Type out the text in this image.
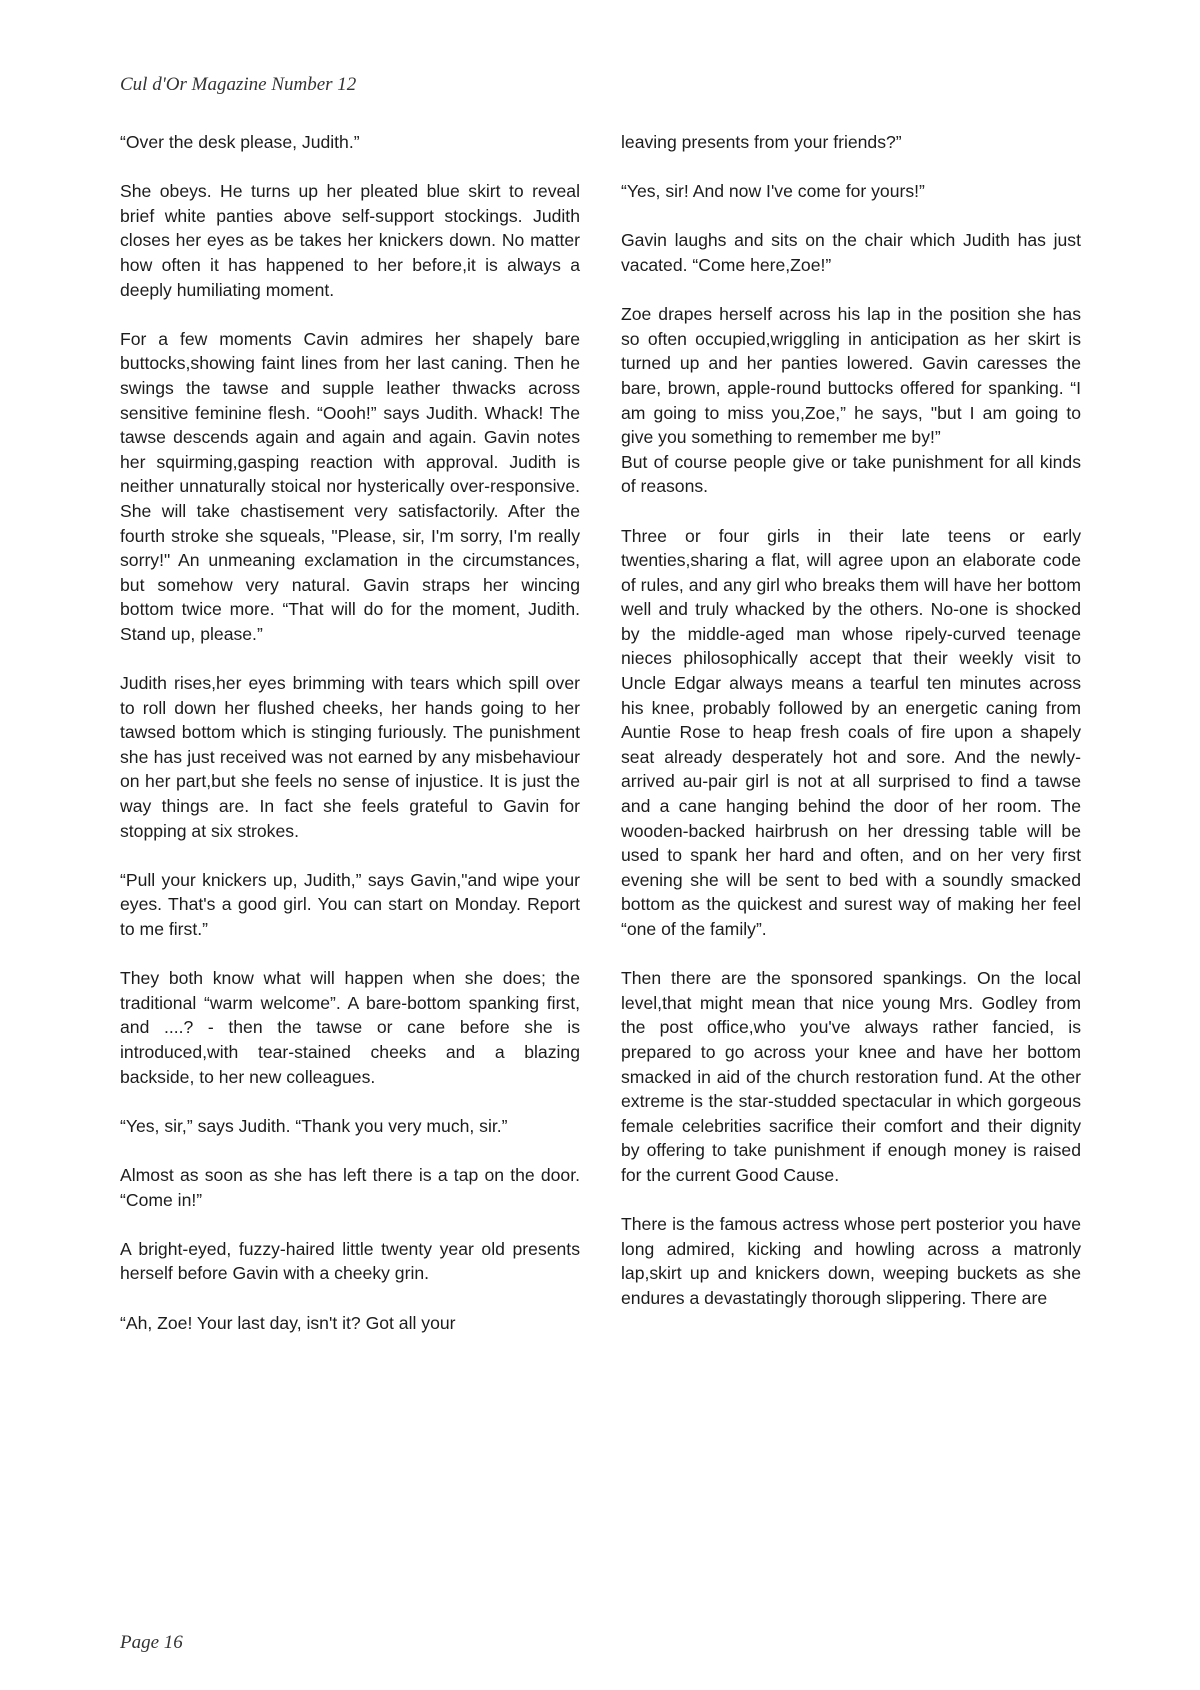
Cul d'Or Magazine Number 12

“Over the desk please, Judith.”

She obeys. He turns up her pleated blue skirt to reveal brief white panties above self-support stockings. Judith closes her eyes as be takes her knickers down. No matter how often it has happened to her before,it is always a deeply humiliating moment.

For a few moments Cavin admires her shapely bare buttocks,showing faint lines from her last caning. Then he swings the tawse and supple leather thwacks across sensitive feminine flesh. “Oooh!” says Judith. Whack! The tawse descends again and again and again. Gavin notes her squirming,gasping reaction with approval. Judith is neither unnaturally stoical nor hysterically over-responsive. She will take chastisement very satisfactorily. After the fourth stroke she squeals, "Please, sir, I'm sorry, I'm really sorry!" An unmeaning exclamation in the circumstances, but somehow very natural. Gavin straps her wincing bottom twice more. “That will do for the moment, Judith. Stand up, please.”

Judith rises,her eyes brimming with tears which spill over to roll down her flushed cheeks, her hands going to her tawsed bottom which is stinging furiously. The punishment she has just received was not earned by any misbehaviour on her part,but she feels no sense of injustice. It is just the way things are. In fact she feels grateful to Gavin for stopping at six strokes.

“Pull your knickers up, Judith,” says Gavin,"and wipe your eyes. That's a good girl. You can start on Monday. Report to me first.”

They both know what will happen when she does; the traditional “warm welcome”. A bare-bottom spanking first, and ....? - then the tawse or cane before she is introduced,with tear-stained cheeks and a blazing backside, to her new colleagues.

“Yes, sir,” says Judith. “Thank you very much, sir.”

Almost as soon as she has left there is a tap on the door. “Come in!”

A bright-eyed, fuzzy-haired little twenty year old presents herself before Gavin with a cheeky grin.

“Ah, Zoe! Your last day, isn't it? Got all your

leaving presents from your friends?”

“Yes, sir! And now I've come for yours!”

Gavin laughs and sits on the chair which Judith has just vacated. “Come here,Zoe!”

Zoe drapes herself across his lap in the position she has so often occupied,wriggling in anticipation as her skirt is turned up and her panties lowered. Gavin caresses the bare, brown, apple-round buttocks offered for spanking. “I am going to miss you,Zoe,” he says, "but I am going to give you something to remember me by!”

But of course people give or take punishment for all kinds of reasons.

Three or four girls in their late teens or early twenties,sharing a flat, will agree upon an elaborate code of rules, and any girl who breaks them will have her bottom well and truly whacked by the others. No-one is shocked by the middle-aged man whose ripely-curved teenage nieces philosophically accept that their weekly visit to Uncle Edgar always means a tearful ten minutes across his knee, probably followed by an energetic caning from Auntie Rose to heap fresh coals of fire upon a shapely seat already desperately hot and sore. And the newly-arrived au-pair girl is not at all surprised to find a tawse and a cane hanging behind the door of her room. The wooden-backed hairbrush on her dressing table will be used to spank her hard and often, and on her very first evening she will be sent to bed with a soundly smacked bottom as the quickest and surest way of making her feel “one of the family”.

Then there are the sponsored spankings. On the local level,that might mean that nice young Mrs. Godley from the post office,who you've always rather fancied, is prepared to go across your knee and have her bottom smacked in aid of the church restoration fund. At the other extreme is the star-studded spectacular in which gorgeous female celebrities sacrifice their comfort and their dignity by offering to take punishment if enough money is raised for the current Good Cause.

There is the famous actress whose pert posterior you have long admired, kicking and howling across a matronly lap,skirt up and knickers down, weeping buckets as she endures a devastatingly thorough slippering. There are

Page 16
